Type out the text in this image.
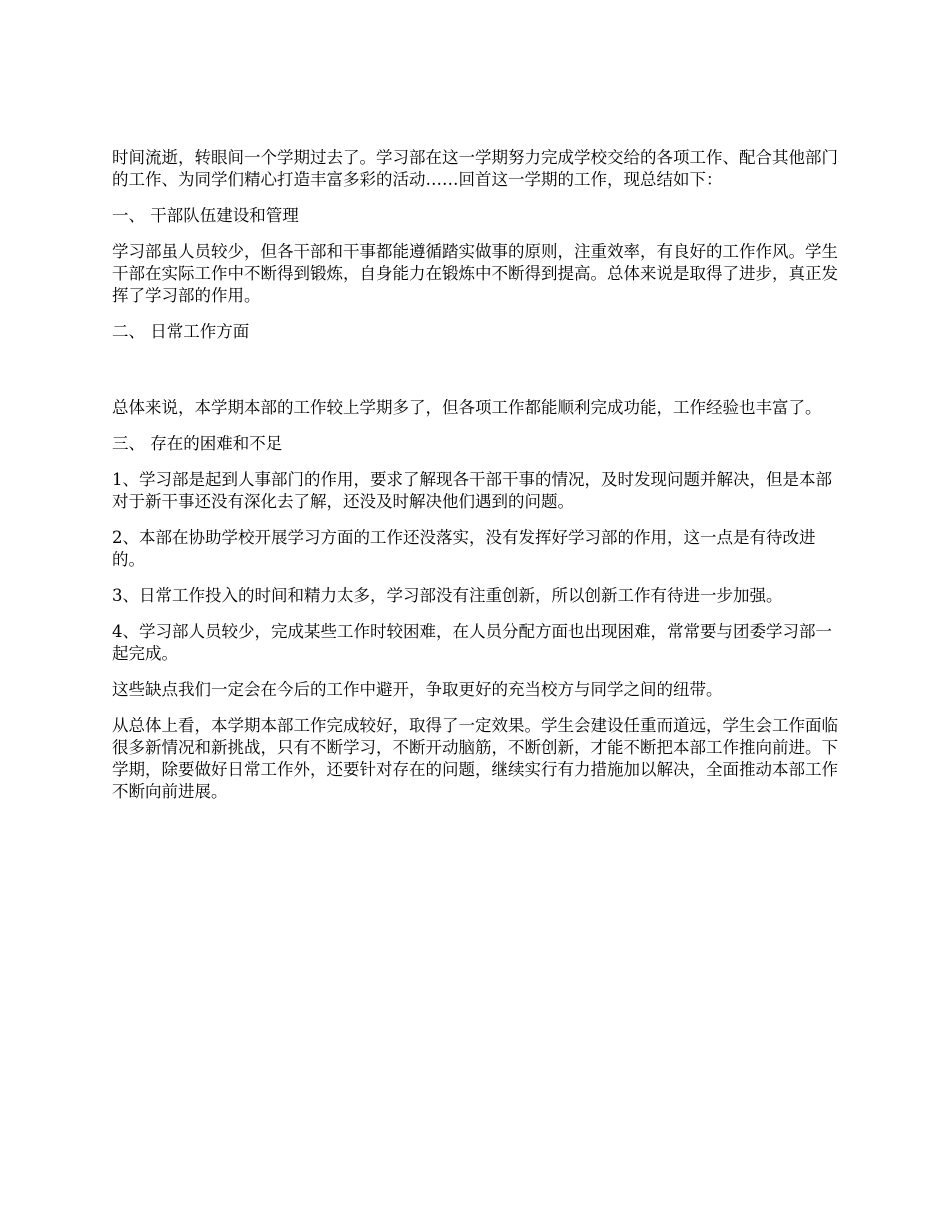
时间流逝，转眼间一个学期过去了。学习部在这一学期努力完成学校交给的各项工作、配合其他部门的工作、为同学们精心打造丰富多彩的活动……回首这一学期的工作，现总结如下：

一、 干部队伍建设和管理

学习部虽人员较少，但各干部和干事都能遵循踏实做事的原则，注重效率，有良好的工作作风。学生干部在实际工作中不断得到锻炼，自身能力在锻炼中不断得到提高。总体来说是取得了进步，真正发挥了学习部的作用。

二、 日常工作方面

总体来说，本学期本部的工作较上学期多了，但各项工作都能顺利完成功能，工作经验也丰富了。

三、 存在的困难和不足

1、学习部是起到人事部门的作用，要求了解现各干部干事的情况，及时发现问题并解决，但是本部对于新干事还没有深化去了解，还没及时解决他们遇到的问题。

2、本部在协助学校开展学习方面的工作还没落实，没有发挥好学习部的作用，这一点是有待改进的。

3、日常工作投入的时间和精力太多，学习部没有注重创新，所以创新工作有待进一步加强。

4、学习部人员较少，完成某些工作时较困难，在人员分配方面也出现困难，常常要与团委学习部一起完成。

这些缺点我们一定会在今后的工作中避开，争取更好的充当校方与同学之间的纽带。

从总体上看，本学期本部工作完成较好，取得了一定效果。学生会建设任重而道远，学生会工作面临很多新情况和新挑战，只有不断学习，不断开动脑筋，不断创新，才能不断把本部工作推向前进。下学期，除要做好日常工作外，还要针对存在的问题，继续实行有力措施加以解决，全面推动本部工作不断向前进展。
